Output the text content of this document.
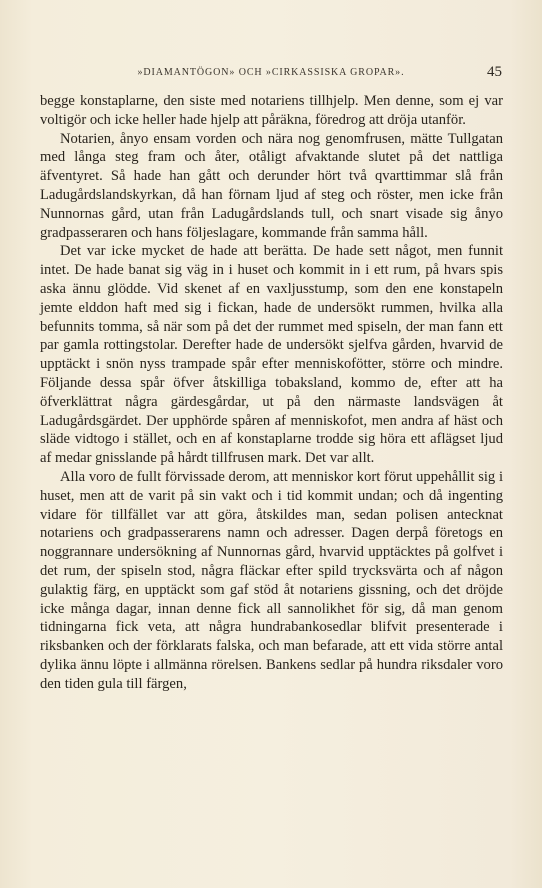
»DIAMANTÖGON» OCH »CIRKASSISKA GROPAR».	45

begge konstaplarne, den siste med notariens tillhjelp. Men denne, som ej var voltigör och icke heller hade hjelp att påräkna, föredrog att dröja utanför.

Notarien, ånyo ensam vorden och nära nog genomfrusen, mätte Tullgatan med långa steg fram och åter, otåligt afvaktande slutet på det nattliga äfventyret. Så hade han gått och derunder hört två qvarttimmar slå från Ladugårdslandskyrkan, då han förnam ljud af steg och röster, men icke från Nunnornas gård, utan från Ladugårdslands tull, och snart visade sig ånyo gradpasseraren och hans följeslagare, kommande från samma håll.

Det var icke mycket de hade att berätta. De hade sett något, men funnit intet. De hade banat sig väg in i huset och kommit in i ett rum, på hvars spis aska ännu glödde. Vid skenet af en vaxljusstump, som den ene konstapeln jemte elddon haft med sig i fickan, hade de undersökt rummen, hvilka alla befunnits tomma, så när som på det der rummet med spiseln, der man fann ett par gamla rottingstolar. Derefter hade de undersökt sjelfva gården, hvarvid de upptäckt i snön nyss trampade spår efter menniskofötter, större och mindre. Följande dessa spår öfver åtskilliga tobaksland, kommo de, efter att ha öfverklättrat några gärdesgårdar, ut på den närmaste landsvägen åt Ladugårdsgärdet. Der upphörde spåren af menniskofot, men andra af häst och släde vidtogo i stället, och en af konstaplarne trodde sig höra ett aflägset ljud af medar gnisslande på hårdt tillfrusen mark. Det var allt.

Alla voro de fullt förvissade derom, att menniskor kort förut uppehållit sig i huset, men att de varit på sin vakt och i tid kommit undan; och då ingenting vidare för tillfället var att göra, åtskildes man, sedan polisen antecknat notariens och gradpasserarens namn och adresser. Dagen derpå företogs en noggrannare undersökning af Nunnornas gård, hvarvid upptäcktes på golfvet i det rum, der spiseln stod, några fläckar efter spild trycksvärta och af någon gulaktig färg, en upptäckt som gaf stöd åt notariens gissning, och det dröjde icke många dagar, innan denne fick all sannolikhet för sig, då man genom tidningarna fick veta, att några hundrabankosedlar blifvit presenterade i riksbanken och der förklarats falska, och man befarade, att ett vida större antal dylika ännu löpte i allmänna rörelsen. Bankens sedlar på hundra riksdaler voro den tiden gula till färgen,
